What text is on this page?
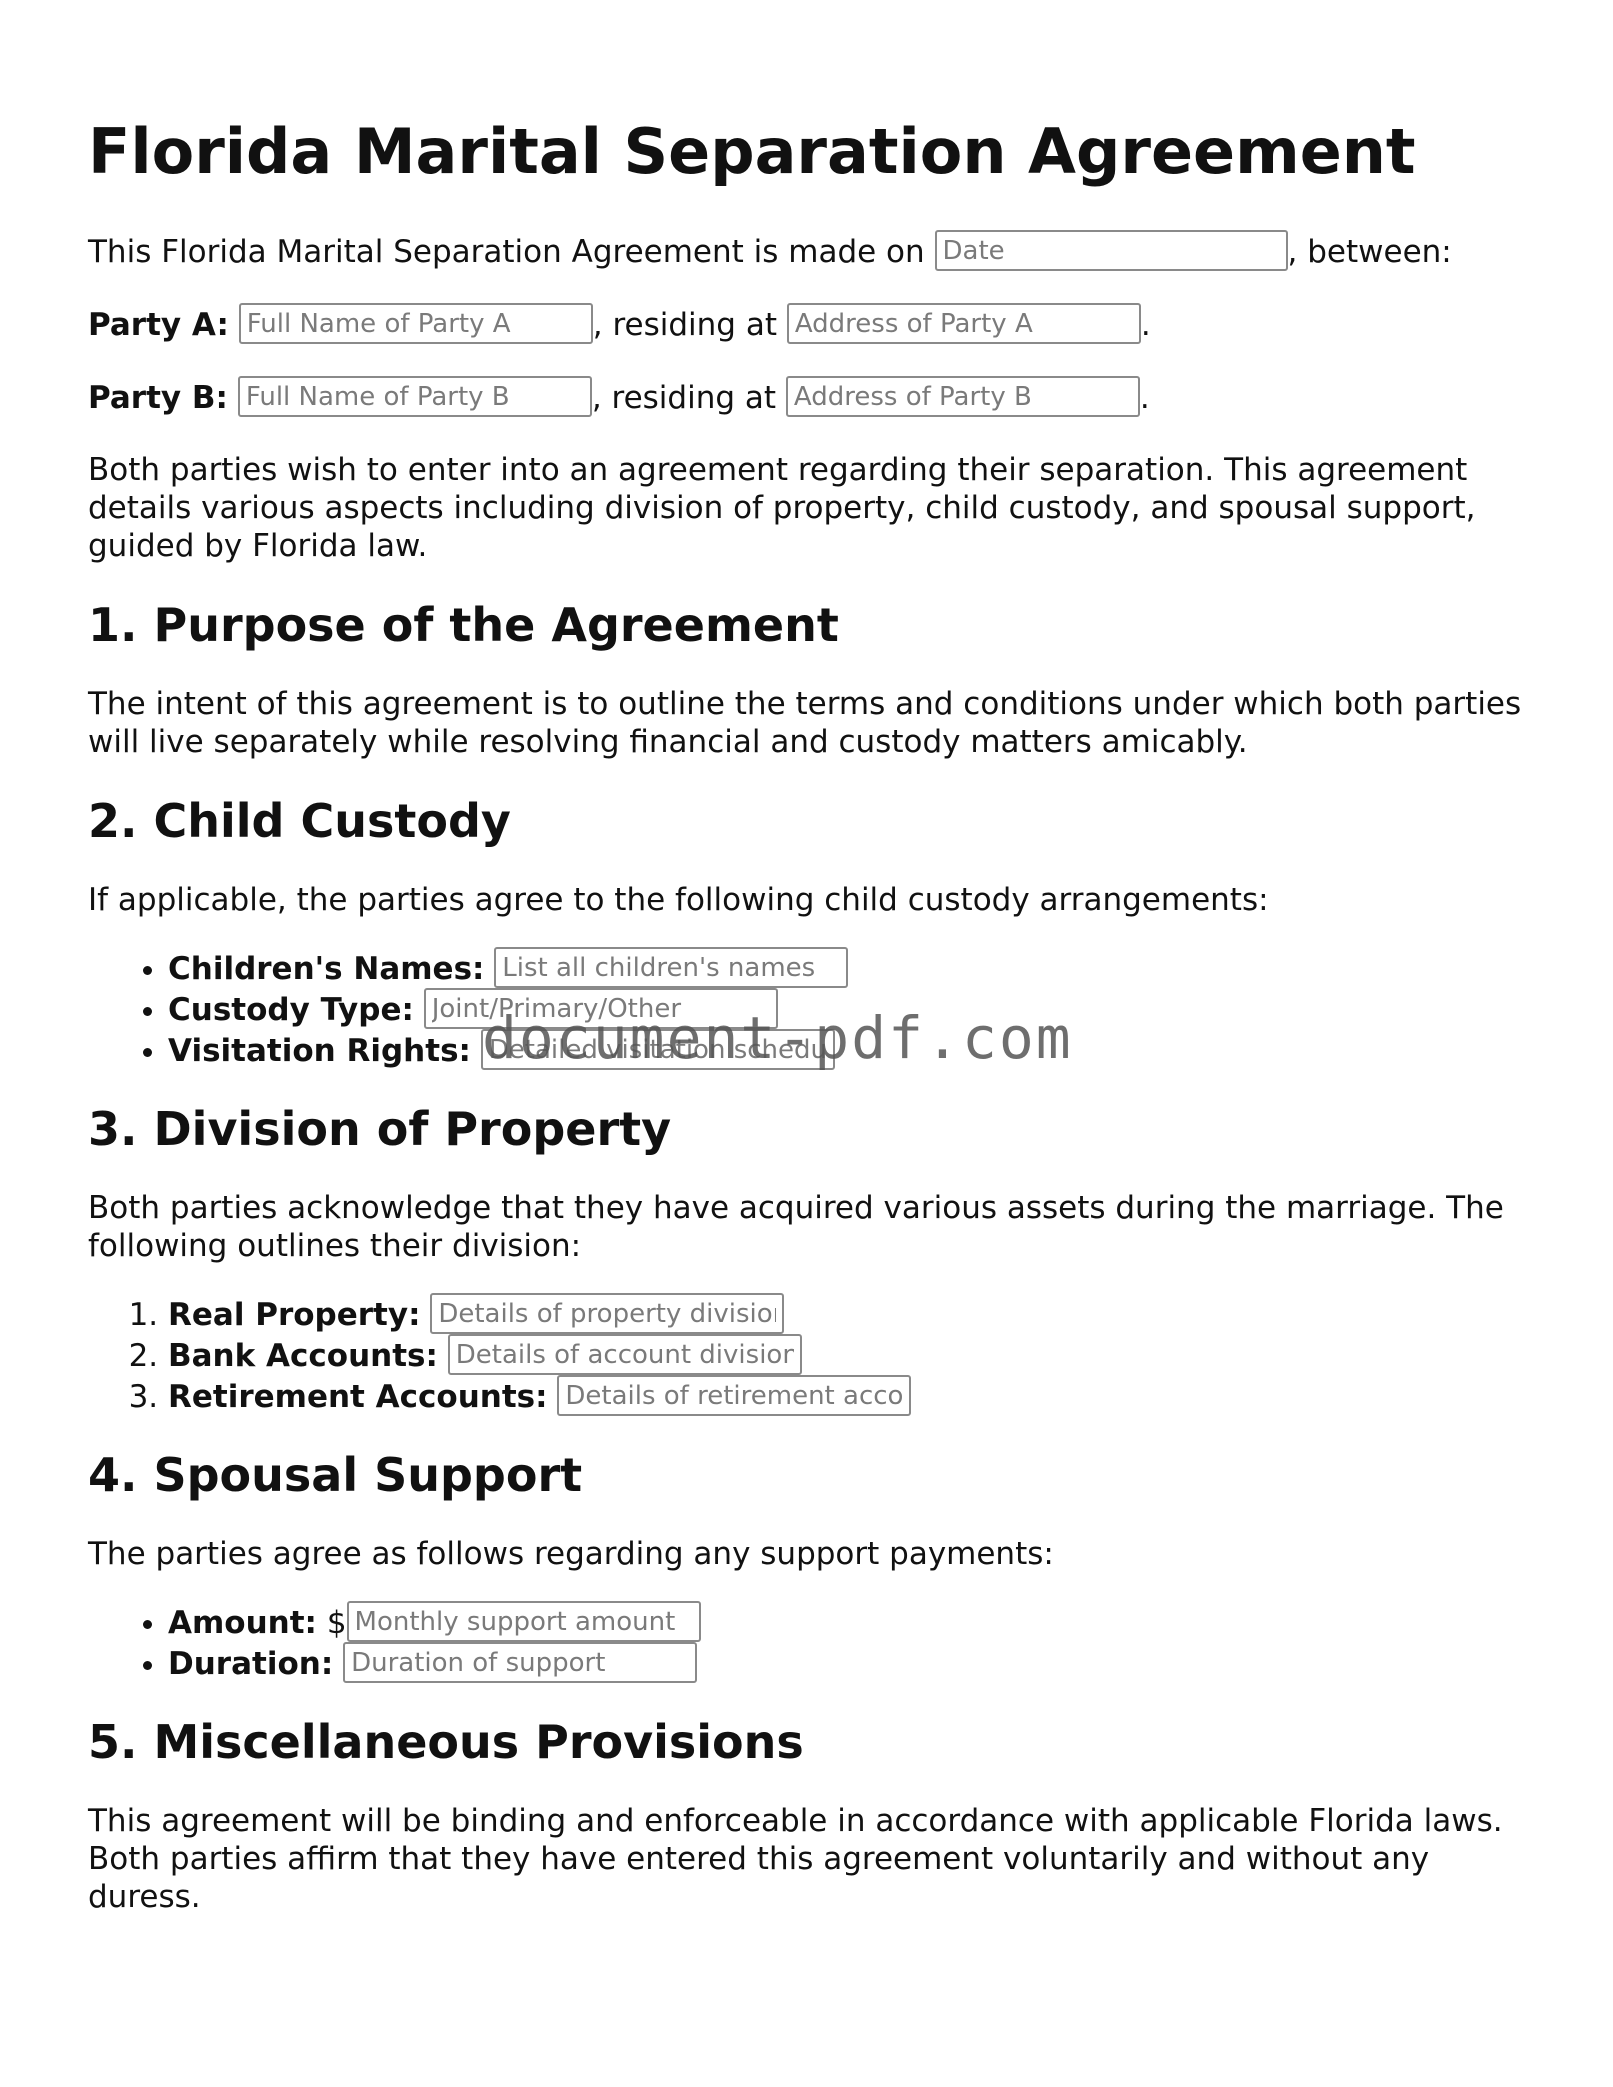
Florida Marital Separation Agreement
This Florida Marital Separation Agreement is made on Date	, between:
Party A: Full Name of Party A	, residing at Address of Party A	.
Party B: Full Name of Party B	, residing at Address of Party B	.

Both parties wish to enter into an agreement regarding their separation. This agreement details various aspects including division of property, child custody, and spousal support, guided by Florida law.

1. Purpose of the Agreement

The intent of this agreement is to outline the terms and conditions under which both parties will live separately while resolving financial and custody matters amicably.

2. Child Custody

If applicable, the parties agree to the following child custody arrangements:

• Children's Names: List all children's names
• Custody Type: Joint/Primary/Other
• Visitation Rights: Detailed visitation schedule
3. Division of Property

Both parties acknowledge that they have acquired various assets during the marriage. The following outlines their division:

1. Real Property: Details of property division
2. Bank Accounts: Details of account division
3. Retirement Accounts: Details of retirement accounts
4. Spousal Support

The parties agree as follows regarding any support payments:

• Amount: $Monthly support amount
• Duration: Duration of support
5. Miscellaneous Provisions

This agreement will be binding and enforceable in accordance with applicable Florida laws. Both parties affirm that they have entered this agreement voluntarily and without any duress.

document-pdf.com
